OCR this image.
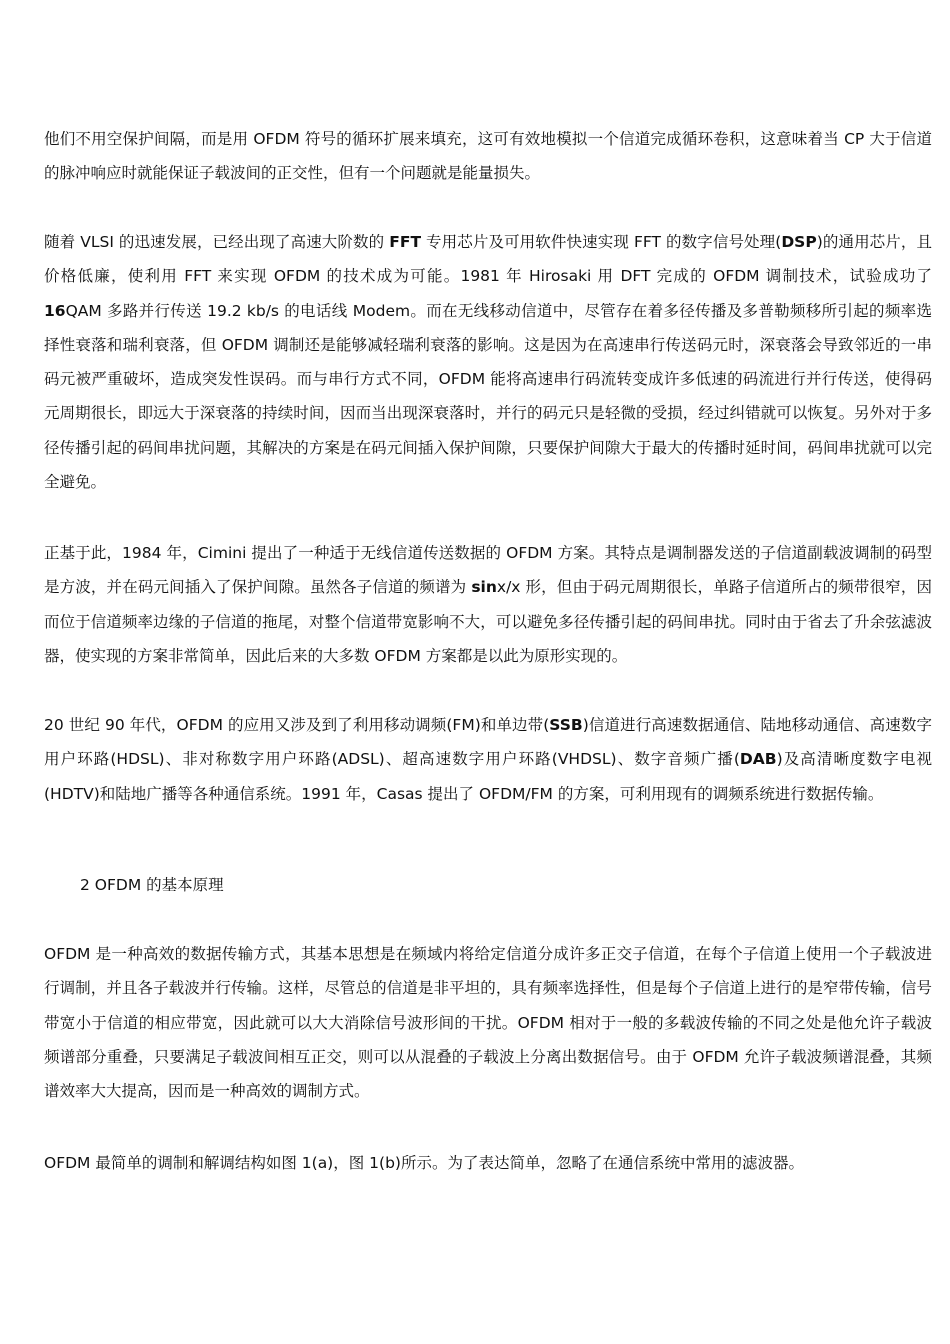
他们不用空保护间隔，而是用 OFDM 符号的循环扩展来填充，这可有效地模拟一个信道完成循环卷积，这意味着当 CP 大于信道的脉冲响应时就能保证子载波间的正交性，但有一个问题就是能量损失。

随着 VLSI 的迅速发展，已经出现了高速大阶数的 FFT 专用芯片及可用软件快速实现 FFT 的数字信号处理(DSP)的通用芯片，且价格低廉，使利用 FFT 来实现 OFDM 的技术成为可能。1981 年 Hirosaki 用 DFT 完成的 OFDM 调制技术，试验成功了 16QAM 多路并行传送 19.2 kb/s 的电话线 Modem。而在无线移动信道中，尽管存在着多径传播及多普勒频移所引起的频率选择性衰落和瑞利衰落，但 OFDM 调制还是能够减轻瑞利衰落的影响。这是因为在高速串行传送码元时，深衰落会导致邻近的一串码元被严重破坏，造成突发性误码。而与串行方式不同，OFDM 能将高速串行码流转变成许多低速的码流进行并行传送，使得码元周期很长，即远大于深衰落的持续时间，因而当出现深衰落时，并行的码元只是轻微的受损，经过纠错就可以恢复。另外对于多径传播引起的码间串扰问题，其解决的方案是在码元间插入保护间隙，只要保护间隙大于最大的传播时延时间，码间串扰就可以完全避免。

正基于此，1984 年，Cimini 提出了一种适于无线信道传送数据的 OFDM 方案。其特点是调制器发送的子信道副载波调制的码型是方波，并在码元间插入了保护间隙。虽然各子信道的频谱为 sinx/x 形，但由于码元周期很长，单路子信道所占的频带很窄，因而位于信道频率边缘的子信道的拖尾，对整个信道带宽影响不大，可以避免多径传播引起的码间串扰。同时由于省去了升余弦滤波器，使实现的方案非常简单，因此后来的大多数 OFDM 方案都是以此为原形实现的。

20 世纪 90 年代，OFDM 的应用又涉及到了利用移动调频(FM)和单边带(SSB)信道进行高速数据通信、陆地移动通信、高速数字用户环路(HDSL)、非对称数字用户环路(ADSL)、超高速数字用户环路(VHDSL)、数字音频广播(DAB)及高清晰度数字电视(HDTV)和陆地广播等各种通信系统。1991 年，Casas 提出了 OFDM/FM 的方案，可利用现有的调频系统进行数据传输。

2 OFDM 的基本原理

OFDM 是一种高效的数据传输方式，其基本思想是在频域内将给定信道分成许多正交子信道，在每个子信道上使用一个子载波进行调制，并且各子载波并行传输。这样，尽管总的信道是非平坦的，具有频率选择性，但是每个子信道上进行的是窄带传输，信号带宽小于信道的相应带宽，因此就可以大大消除信号波形间的干扰。OFDM 相对于一般的多载波传输的不同之处是他允许子载波频谱部分重叠，只要满足子载波间相互正交，则可以从混叠的子载波上分离出数据信号。由于 OFDM 允许子载波频谱混叠，其频谱效率大大提高，因而是一种高效的调制方式。

OFDM 最简单的调制和解调结构如图 1(a)，图 1(b)所示。为了表达简单，忽略了在通信系统中常用的滤波器。
